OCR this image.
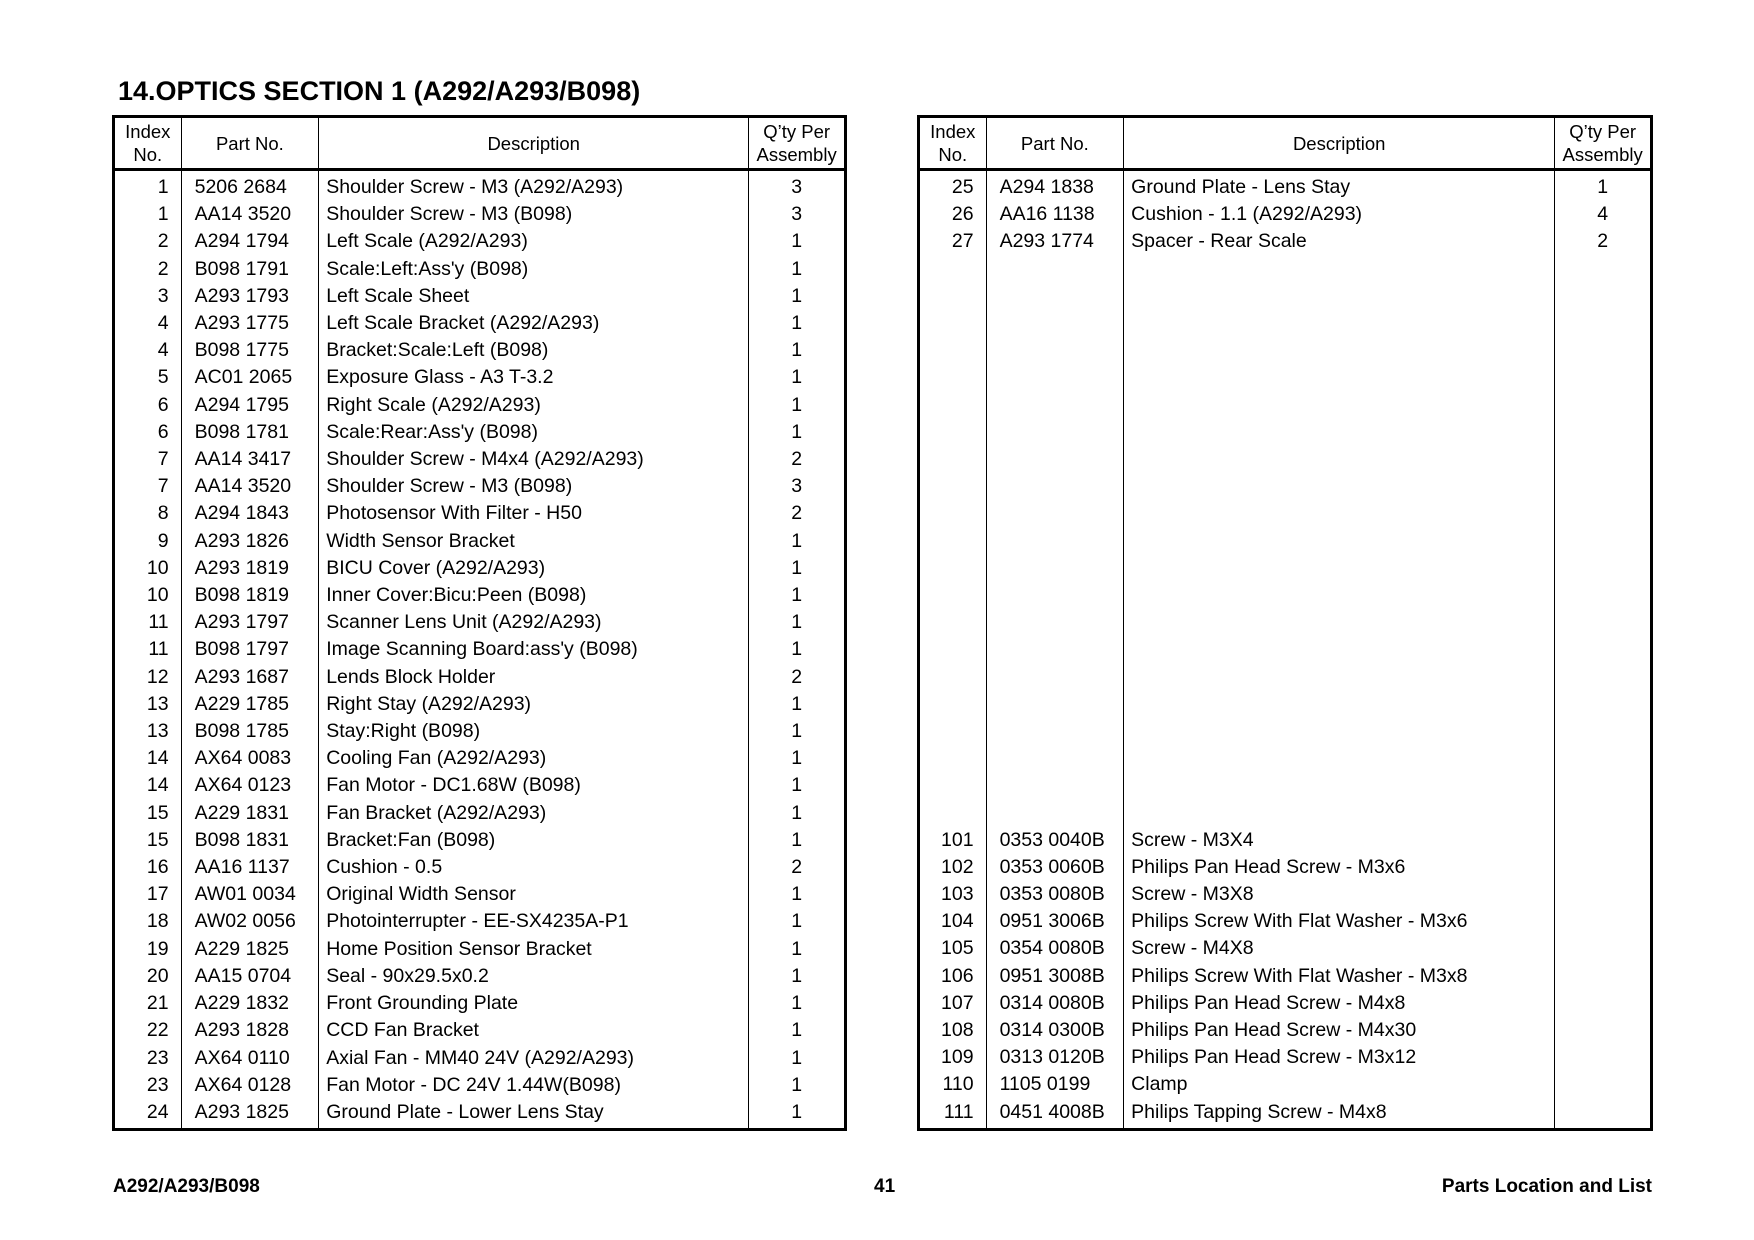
14.OPTICS SECTION 1 (A292/A293/B098)
Index
No.	Part No.	Description	Q’ty Per
Assembly
1	5206 2684	Shoulder Screw - M3 (A292/A293)	3
1	AA14 3520	Shoulder Screw - M3 (B098)	3
2	A294 1794	Left Scale (A292/A293)	1
2	B098 1791	Scale:Left:Ass'y (B098)	1
3	A293 1793	Left Scale Sheet	1
4	A293 1775	Left Scale Bracket (A292/A293)	1
4	B098 1775	Bracket:Scale:Left (B098)	1
5	AC01 2065	Exposure Glass - A3 T-3.2	1
6	A294 1795	Right Scale (A292/A293)	1
6	B098 1781	Scale:Rear:Ass'y (B098)	1
7	AA14 3417	Shoulder Screw - M4x4 (A292/A293)	2
7	AA14 3520	Shoulder Screw - M3 (B098)	3
8	A294 1843	Photosensor With Filter - H50	2
9	A293 1826	Width Sensor Bracket	1
10	A293 1819	BICU Cover (A292/A293)	1
10	B098 1819	Inner Cover:Bicu:Peen (B098)	1
11	A293 1797	Scanner Lens Unit (A292/A293)	1
11	B098 1797	Image Scanning Board:ass'y (B098)	1
12	A293 1687	Lends Block Holder	2
13	A229 1785	Right Stay (A292/A293)	1
13	B098 1785	Stay:Right (B098)	1
14	AX64 0083	Cooling Fan (A292/A293)	1
14	AX64 0123	Fan Motor - DC1.68W (B098)	1
15	A229 1831	Fan Bracket (A292/A293)	1
15	B098 1831	Bracket:Fan (B098)	1
16	AA16 1137	Cushion - 0.5	2
17	AW01 0034	Original Width Sensor	1
18	AW02 0056	Photointerrupter - EE-SX4235A-P1	1
19	A229 1825	Home Position Sensor Bracket	1
20	AA15 0704	Seal - 90x29.5x0.2	1
21	A229 1832	Front Grounding Plate	1
22	A293 1828	CCD Fan Bracket	1
23	AX64 0110	Axial Fan - MM40 24V (A292/A293)	1
23	AX64 0128	Fan Motor - DC 24V 1.44W(B098)	1
24	A293 1825	Ground Plate - Lower Lens Stay	1
Index
No.	Part No.	Description	Q’ty Per
Assembly
25	A294 1838	Ground Plate - Lens Stay	1
26	AA16 1138	Cushion - 1.1 (A292/A293)	4
27	A293 1774	Spacer - Rear Scale	2

101	0353 0040B	Screw - M3X4	
102	0353 0060B	Philips Pan Head Screw - M3x6	
103	0353 0080B	Screw - M3X8	
104	0951 3006B	Philips Screw With Flat Washer - M3x6	
105	0354 0080B	Screw - M4X8	
106	0951 3008B	Philips Screw With Flat Washer - M3x8	
107	0314 0080B	Philips Pan Head Screw - M4x8	
108	0314 0300B	Philips Pan Head Screw - M4x30	
109	0313 0120B	Philips Pan Head Screw - M3x12	
110	1105 0199	Clamp	
111	0451 4008B	Philips Tapping Screw - M4x8	
A292/A293/B098	41	Parts Location and List
